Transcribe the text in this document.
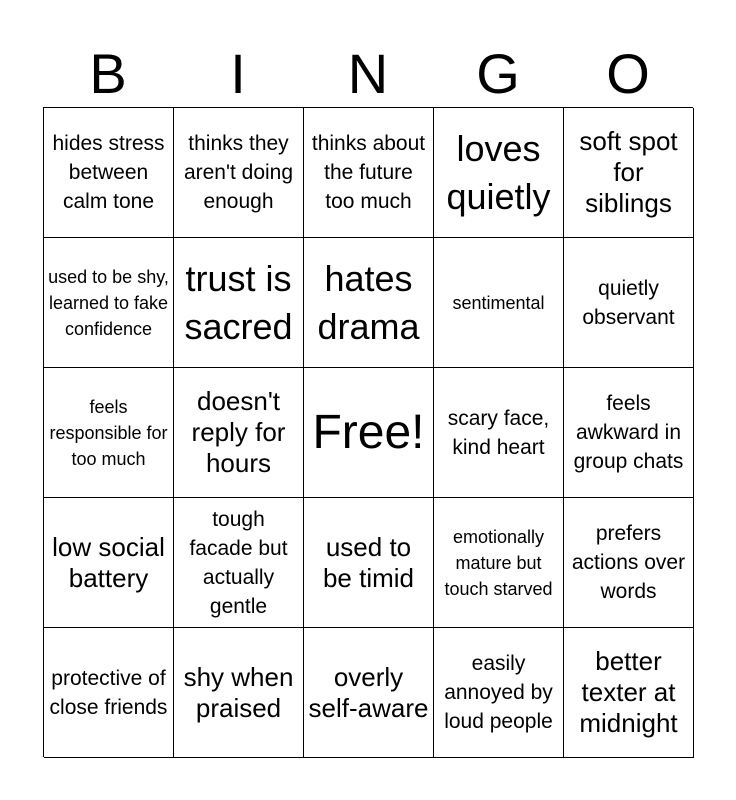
B	I	N	G	O
hides stress between calm tone
thinks they aren't doing enough
thinks about the future too much
loves quietly
soft spot for siblings
used to be shy, learned to fake confidence
trust is sacred
hates drama
sentimental
quietly observant
feels responsible for too much
doesn't reply for hours
Free!	scary face, kind heart
feels awkward in group chats
low social battery
tough facade but actually gentle
used to be timid
emotionally mature but touch starved
prefers actions over words
protective of close friends
shy when praised
overly self-aware
easily annoyed by loud people
better texter at midnight
